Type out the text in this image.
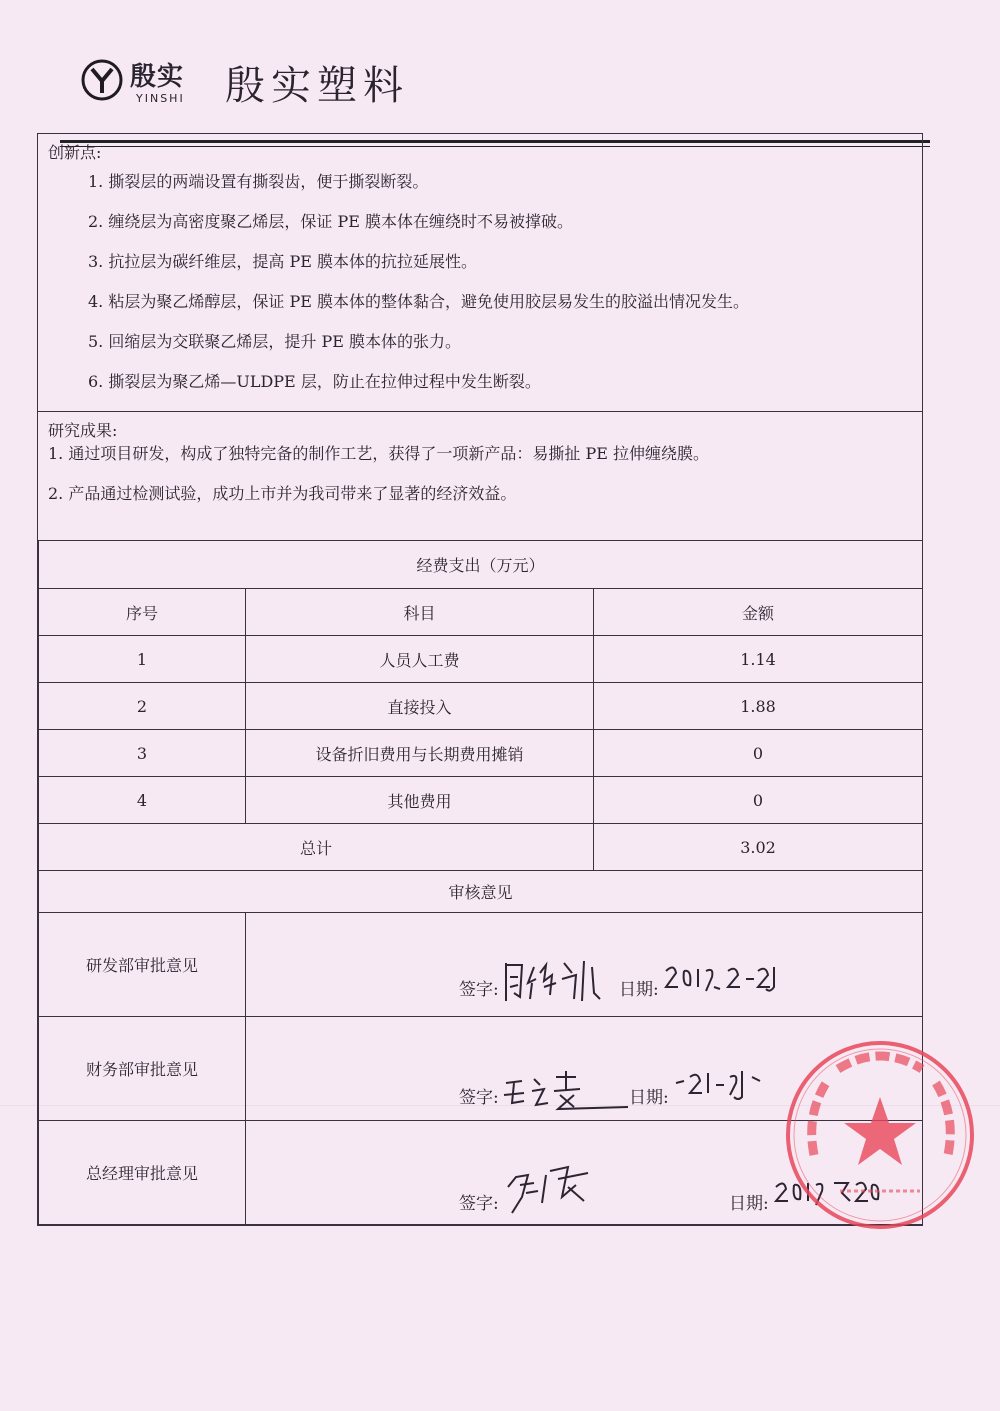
殷实
YINSHI 殷实塑料
创新点:
1. 撕裂层的两端设置有撕裂齿，便于撕裂断裂。
2. 缠绕层为高密度聚乙烯层，保证 PE 膜本体在缠绕时不易被撑破。
3. 抗拉层为碳纤维层，提高 PE 膜本体的抗拉延展性。
4. 粘层为聚乙烯醇层，保证 PE 膜本体的整体黏合，避免使用胶层易发生的胶溢出情况发生。
5. 回缩层为交联聚乙烯层，提升 PE 膜本体的张力。
6. 撕裂层为聚乙烯—ULDPE 层，防止在拉伸过程中发生断裂。
研究成果:
1. 通过项目研发，构成了独特完备的制作工艺，获得了一项新产品：易撕扯 PE 拉伸缠绕膜。
2. 产品通过检测试验，成功上市并为我司带来了显著的经济效益。
经费支出（万元）		
序号	科目	金额
1	人员人工费	1.14
2	直接投入	1.88
3	设备折旧费用与长期费用摊销	0
4	其他费用	0
总计		3.02
审核意见		
研发部审批意见	签字: 日期:	

财务部审批意见	签字: 日期:	

总经理审批意见	签字: 日期:	
